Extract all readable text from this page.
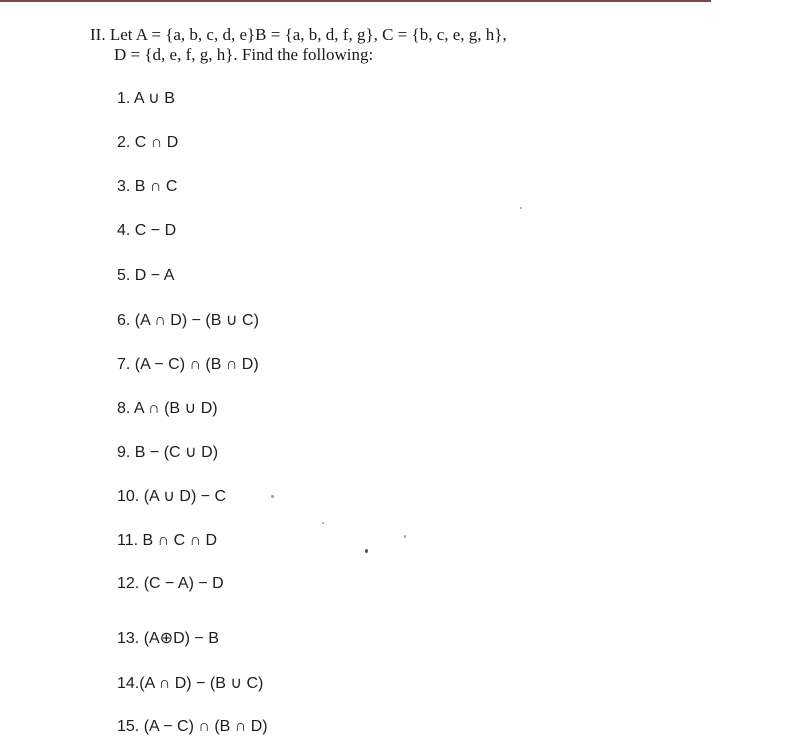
II. Let A = {a, b, c, d, e}B = {a, b, d, f, g}, C = {b, c, e, g, h},
D = {d, e, f, g, h}. Find the following:
1. A ∪ B
2. C ∩ D
3. B ∩ C
4. C − D
5. D − A
6. (A ∩ D) − (B ∪ C)
7. (A − C) ∩ (B ∩ D)
8. A ∩ (B ∪ D)
9. B − (C ∪ D)
10. (A ∪ D) − C
11. B ∩ C ∩ D
12. (C − A) − D
13. (A⊕D) − B
14.(A ∩ D) − (B ∪ C)
15. (A − C) ∩ (B ∩ D)
